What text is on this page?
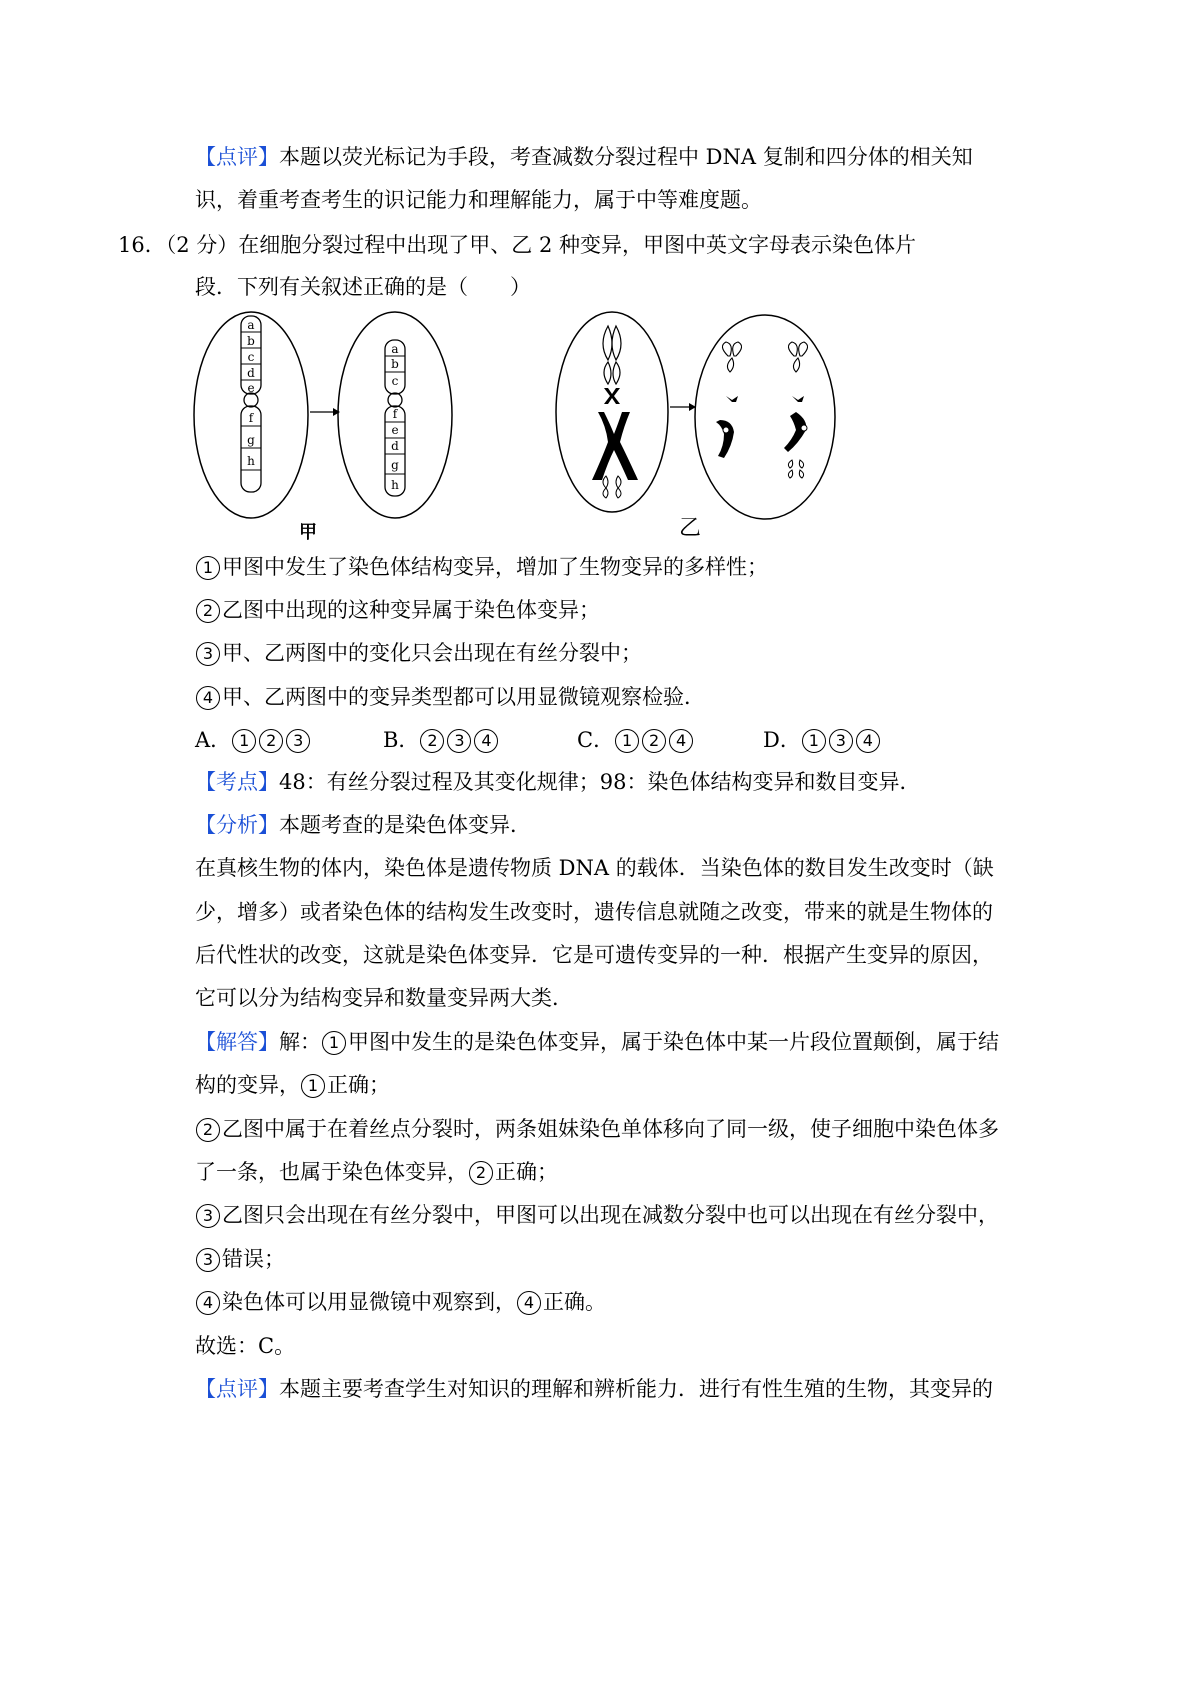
【点评】本题以荧光标记为手段，考查减数分裂过程中 DNA 复制和四分体的相关知
识，着重考查考生的识记能力和理解能力，属于中等难度题。
16．（2 分）在细胞分裂过程中出现了甲、乙 2 种变异，甲图中英文字母表示染色体片
段．下列有关叙述正确的是（　　）
a
b
c
d
e
f
g
h
a
b
c
f
e
d
g
h
甲	乙
1 甲图中发生了染色体结构变异，增加了生物变异的多样性；
2 乙图中出现的这种变异属于染色体变异；
3 甲、乙两图中的变化只会出现在有丝分裂中；
4 甲、乙两图中的变异类型都可以用显微镜观察检验．
A． 1 2 3	B． 2 3 4	C． 1 2 4	D． 1 3 4
【考点】48：有丝分裂过程及其变化规律；98：染色体结构变异和数目变异．
【分析】本题考查的是染色体变异．
在真核生物的体内，染色体是遗传物质 DNA 的载体．当染色体的数目发生改变时（缺
少，增多）或者染色体的结构发生改变时，遗传信息就随之改变，带来的就是生物体的
后代性状的改变，这就是染色体变异．它是可遗传变异的一种．根据产生变异的原因，
它可以分为结构变异和数量变异两大类．
【解答】解： 1 甲图中发生的是染色体变异，属于染色体中某一片段位置颠倒，属于结
构的变异， 1 正确；
2 乙图中属于在着丝点分裂时，两条姐妹染色单体移向了同一级，使子细胞中染色体多
了一条，也属于染色体变异， 2 正确；
3 乙图只会出现在有丝分裂中，甲图可以出现在减数分裂中也可以出现在有丝分裂中，
3 错误；
4 染色体可以用显微镜中观察到， 4 正确。
故选：C。
【点评】本题主要考查学生对知识的理解和辨析能力．进行有性生殖的生物，其变异的
